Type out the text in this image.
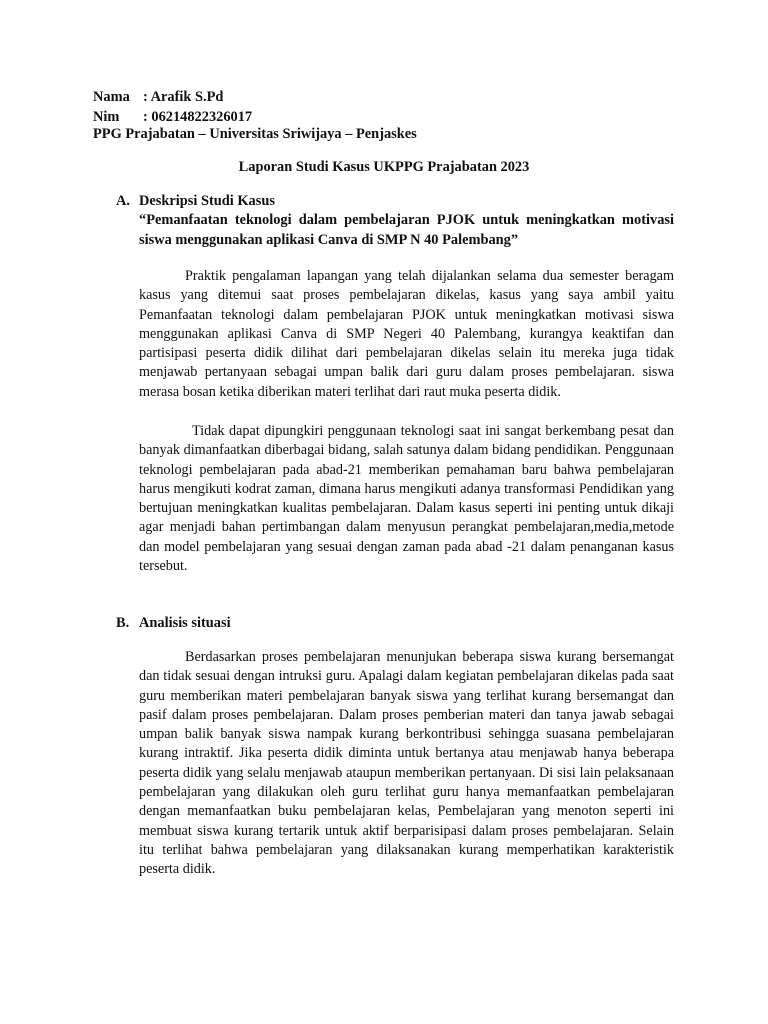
Nama : Arafik S.Pd
Nim : 06214822326017
PPG Prajabatan – Universitas Sriwijaya – Penjaskes
Laporan Studi Kasus UKPPG Prajabatan 2023
A. Deskripsi Studi Kasus
“Pemanfaatan teknologi dalam pembelajaran PJOK untuk meningkatkan motivasi siswa menggunakan aplikasi Canva di SMP N 40 Palembang”
Praktik pengalaman lapangan yang telah dijalankan selama dua semester beragam kasus yang ditemui saat proses pembelajaran dikelas, kasus yang saya ambil yaitu Pemanfaatan teknologi dalam pembelajaran PJOK untuk meningkatkan motivasi siswa menggunakan aplikasi Canva di SMP Negeri 40 Palembang, kurangya keaktifan dan partisipasi peserta didik dilihat dari pembelajaran dikelas selain itu mereka juga tidak menjawab pertanyaan sebagai umpan balik dari guru dalam proses pembelajaran. siswa merasa bosan ketika diberikan materi terlihat dari raut muka peserta didik.
Tidak dapat dipungkiri penggunaan teknologi saat ini sangat berkembang pesat dan banyak dimanfaatkan diberbagai bidang, salah satunya dalam bidang pendidikan. Penggunaan teknologi pembelajaran pada abad-21 memberikan pemahaman baru bahwa pembelajaran harus mengikuti kodrat zaman, dimana harus mengikuti adanya transformasi Pendidikan yang bertujuan meningkatkan kualitas pembelajaran. Dalam kasus seperti ini penting untuk dikaji agar menjadi bahan pertimbangan dalam menyusun perangkat pembelajaran,media,metode dan model pembelajaran yang sesuai dengan zaman pada abad -21 dalam penanganan kasus tersebut.
B. Analisis situasi
Berdasarkan proses pembelajaran menunjukan beberapa siswa kurang bersemangat dan tidak sesuai dengan intruksi guru. Apalagi dalam kegiatan pembelajaran dikelas pada saat guru memberikan materi pembelajaran banyak siswa yang terlihat kurang bersemangat dan pasif dalam proses pembelajaran. Dalam proses pemberian materi dan tanya jawab sebagai umpan balik banyak siswa nampak kurang berkontribusi sehingga suasana pembelajaran kurang intraktif. Jika peserta didik diminta untuk bertanya atau menjawab hanya beberapa peserta didik yang selalu menjawab ataupun memberikan pertanyaan. Di sisi lain pelaksanaan pembelajaran yang dilakukan oleh guru terlihat guru hanya memanfaatkan pembelajaran dengan memanfaatkan buku pembelajaran kelas, Pembelajaran yang menoton seperti ini membuat siswa kurang tertarik untuk aktif berparisipasi dalam proses pembelajaran. Selain itu terlihat bahwa pembelajaran yang dilaksanakan kurang memperhatikan karakteristik peserta didik.
